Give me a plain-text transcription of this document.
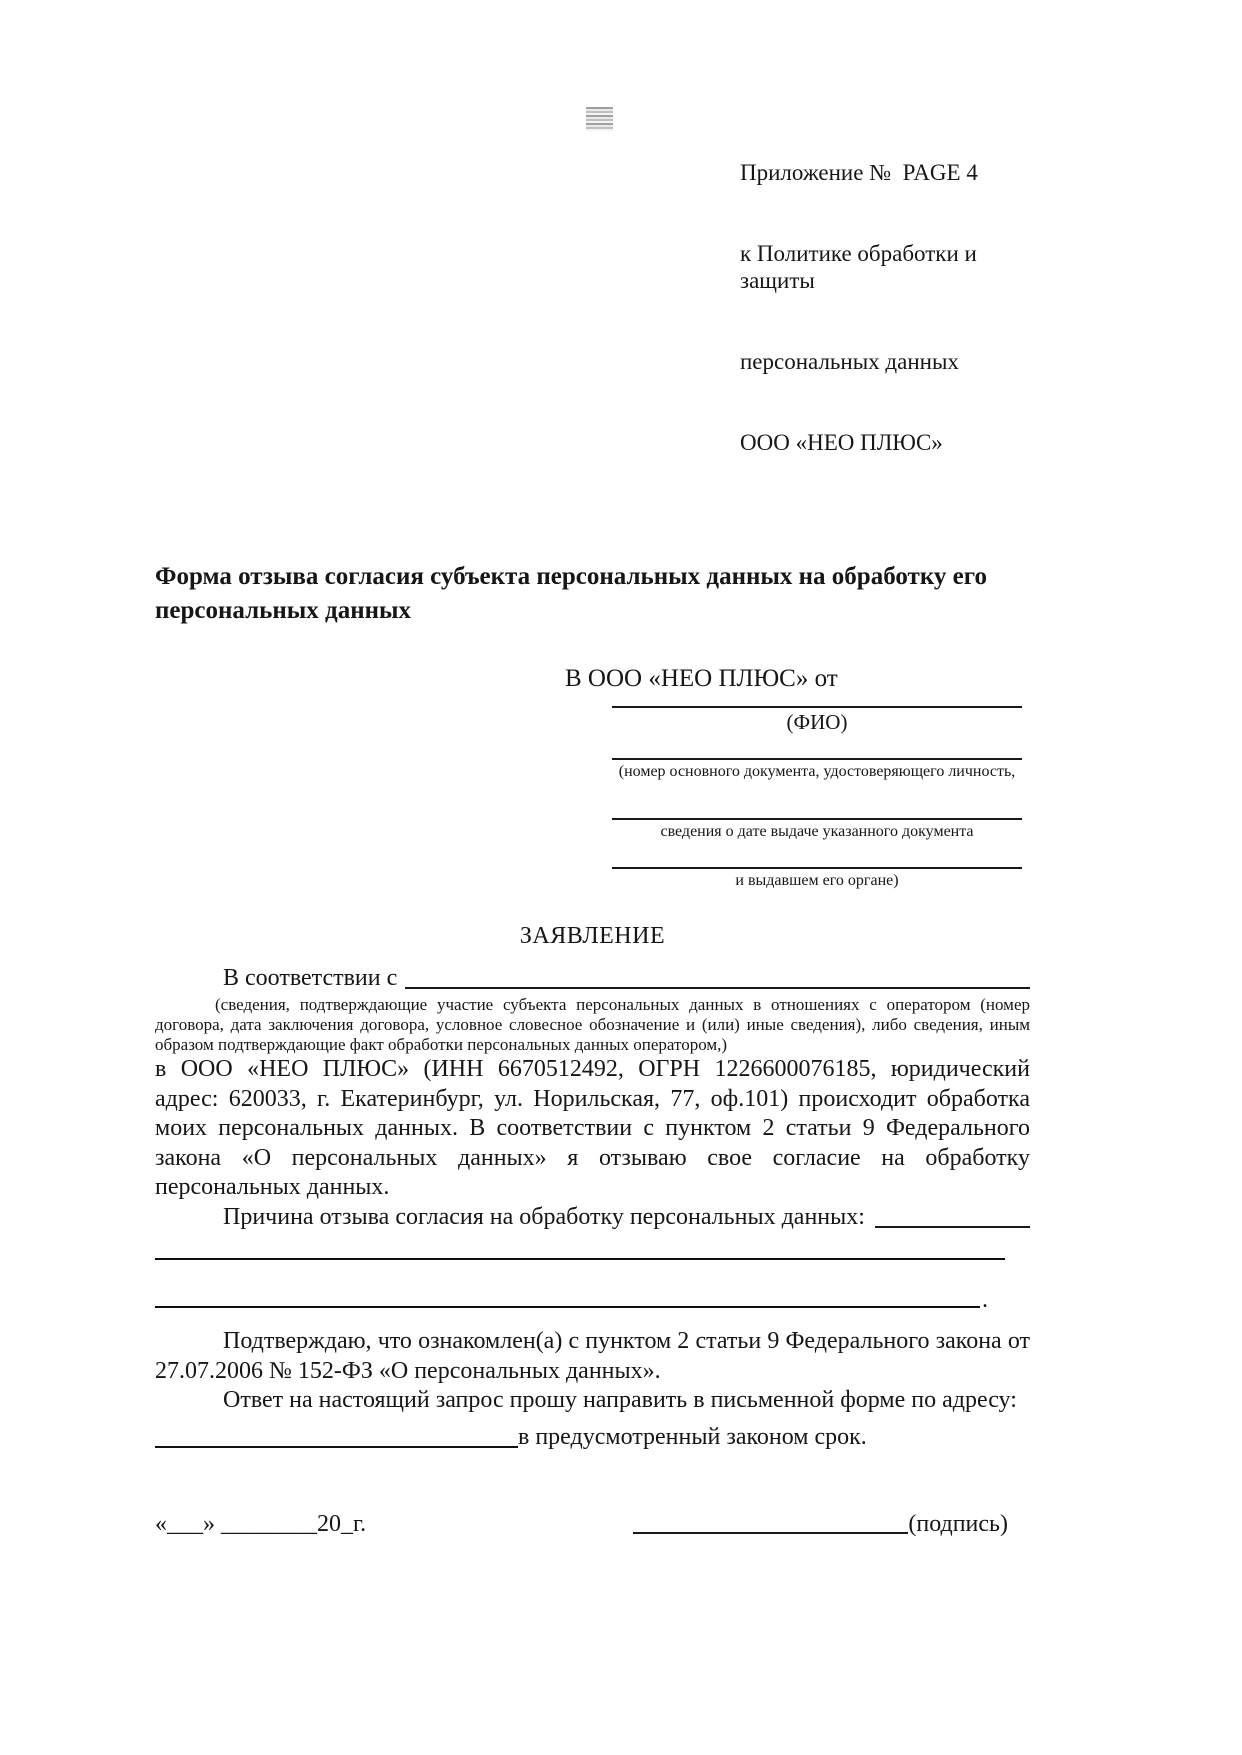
Приложение №  PAGE 4

к Политике обработки и защиты

персональных данных

ООО «НЕО ПЛЮС»

Форма отзыва согласия субъекта персональных данных на обработку его персональных данных
В ООО «НЕО ПЛЮС» от
(ФИО)
(номер основного документа, удостоверяющего личность,
сведения о дате выдаче указанного документа
и выдавшем его органе)
ЗАЯВЛЕНИЕ
В соответствии с

(сведения, подтверждающие участие субъекта персональных данных в отношениях с оператором (номер договора, дата заключения договора, условное словесное обозначение и (или) иные сведения), либо сведения, иным образом подтверждающие факт обработки персональных данных оператором,)

в ООО «НЕО ПЛЮС» (ИНН 6670512492, ОГРН 1226600076185, юридический адрес: 620033, г. Екатеринбург, ул. Норильская, 77, оф.101) происходит обработка моих персональных данных. В соответствии с пунктом 2 статьи 9 Федерального закона «О персональных данных» я отзываю свое согласие на обработку персональных данных.

Причина отзыва согласия на обработку персональных данных:
.

Подтверждаю, что ознакомлен(а) с пунктом 2 статьи 9 Федерального закона от 27.07.2006 № 152-ФЗ «О персональных данных».

Ответ на настоящий запрос прошу направить в письменной форме по адресу:

в предусмотренный законом срок.
«___» ________20_г.	(подпись)
